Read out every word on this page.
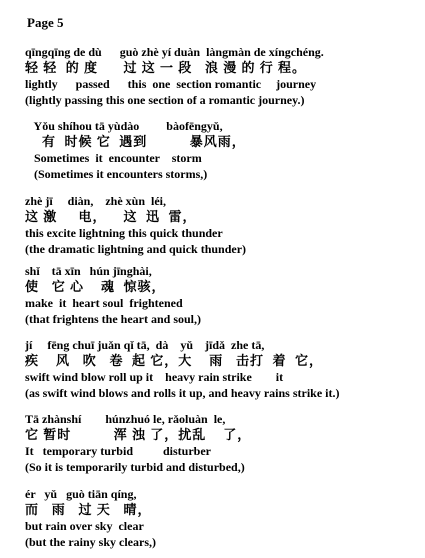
Page 5
qīngqīng de dù      guò zhè yí duàn  làngmàn de xíngchéng.
轻 轻  的 度      过 这 一 段   浪 漫 的 行 程。
lightly      passed      this  one  section romantic     journey
(lightly passing this one section of a romantic journey.)
Yǒu shíhou tā yùdào         bàofēngyǔ,
有  时候 它  遇到          暴风雨，
Sometimes  it  encounter    storm
(Sometimes it encounters storms,)
zhè jī     diàn,    zhè xùn  léi,
这 激     电，    这  迅  雷，
this excite lightning this quick thunder
(the dramatic lightning and quick thunder)
shǐ    tā xīn   hún jīnghài,
使   它 心    魂  惊骇，
make  it  heart soul  frightened
(that frightens the heart and soul,)
jí     fēng chuī juǎn qǐ tā,  dà    yǔ    jīdǎ  zhe tā,
疾    风   吹   卷  起 它，大    雨   击打  着  它，
swift wind blow roll up it    heavy rain strike        it
(as swift wind blows and rolls it up, and heavy rains strike it.)
Tā zhànshí        húnzhuó le, rǎoluàn  le,
它 暂时          浑 浊 了，扰乱    了，
It   temporary turbid          disturber
(So it is temporarily turbid and disturbed,)
ér   yǔ   guò tiān qíng,
而   雨   过 天   晴，
but rain over sky  clear
(but the rainy sky clears,)
